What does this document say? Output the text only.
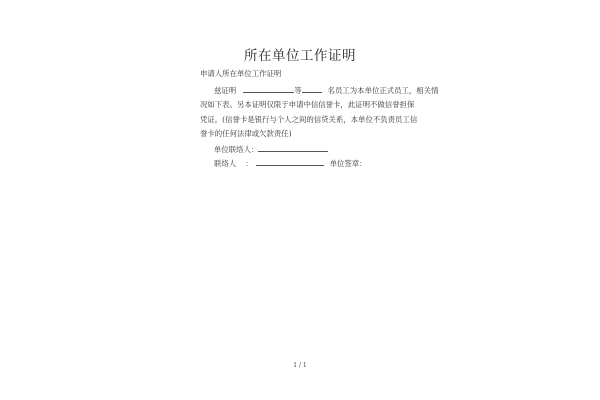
所在单位工作证明
申请人所在单位工作证明
兹证明	等	名员工为本单位正式员工，相关情
况如下表。另本证明仅限于申请中信信誉卡，此证明不做信誉担保
凭证。(信誉卡是银行与个人之间的信贷关系，本单位不负责员工信
誉卡的任何法律或欠款责任)
单位联络人：
联络人 ：	单位签章：
1 / 1
